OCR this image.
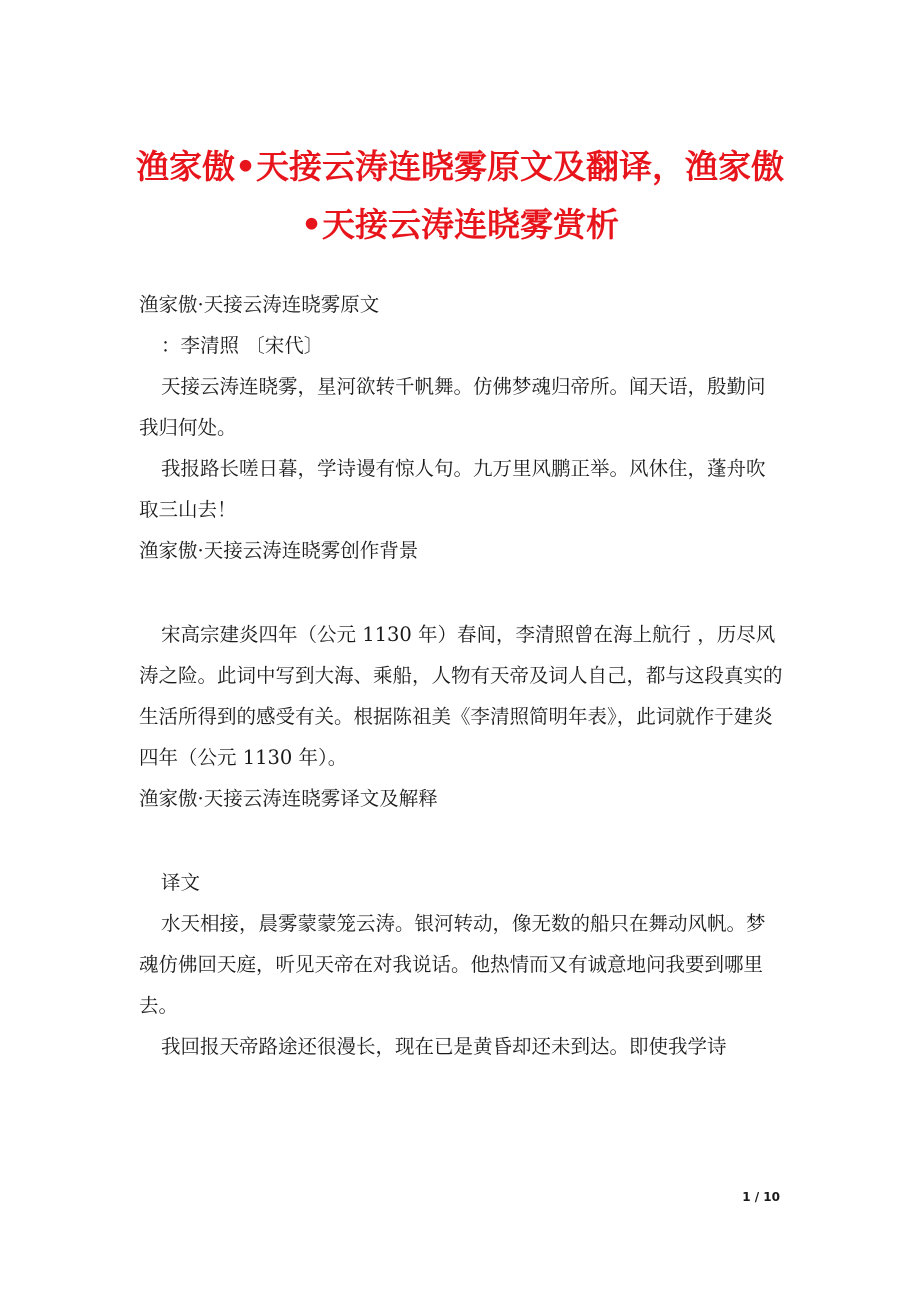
渔家傲•天接云涛连晓雾原文及翻译，渔家傲•天接云涛连晓雾赏析

渔家傲·天接云涛连晓雾原文

：李清照 〔宋代〕

天接云涛连晓雾，星河欲转千帆舞。仿佛梦魂归帝所。闻天语，殷勤问我归何处。

我报路长嗟日暮，学诗谩有惊人句。九万里风鹏正举。风休住，蓬舟吹取三山去！

渔家傲·天接云涛连晓雾创作背景

宋高宗建炎四年（公元 1130 年）春间，李清照曾在海上航行 ，历尽风涛之险。此词中写到大海、乘船，人物有天帝及词人自己，都与这段真实的生活所得到的感受有关。根据陈祖美《李清照简明年表》，此词就作于建炎四年（公元 1130 年）。

渔家傲·天接云涛连晓雾译文及解释

译文

水天相接，晨雾蒙蒙笼云涛。银河转动，像无数的船只在舞动风帆。梦魂仿佛回天庭，听见天帝在对我说话。他热情而又有诚意地问我要到哪里去。

我回报天帝路途还很漫长，现在已是黄昏却还未到达。即使我学诗

1 / 10
